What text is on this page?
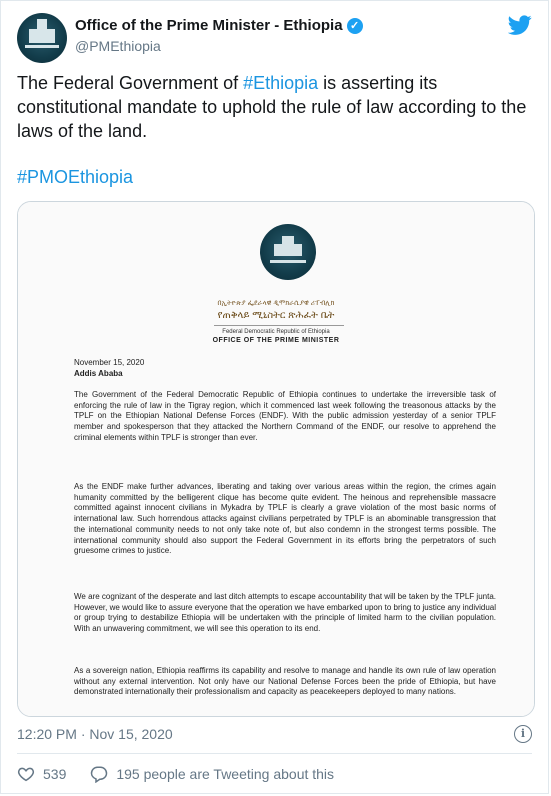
Office of the Prime Minister - Ethiopia ✓
@PMEthiopia
The Federal Government of #Ethiopia is asserting its constitutional mandate to uphold the rule of law according to the laws of the land.
#PMOEthiopia
በኢትዮጵያ ፌደራላዊ ዲሞክራሲያዊ ሪፐብሊክ
የጠቅላይ ሚኒስትር ጽሕፈት ቤት
Federal Democratic Republic of Ethiopia
OFFICE OF THE PRIME MINISTER
November 15, 2020
Addis Ababa
The Government of the Federal Democratic Republic of Ethiopia continues to undertake the irreversible task of enforcing the rule of law in the Tigray region, which it commenced last week following the treasonous attacks by the TPLF on the Ethiopian National Defense Forces (ENDF). With the public admission yesterday of a senior TPLF member and spokesperson that they attacked the Northern Command of the ENDF, our resolve to apprehend the criminal elements within TPLF is stronger than ever.
As the ENDF make further advances, liberating and taking over various areas within the region, the crimes again humanity committed by the belligerent clique has become quite evident. The heinous and reprehensible massacre committed against innocent civilians in Mykadra by TPLF is clearly a grave violation of the most basic norms of international law. Such horrendous attacks against civilians perpetrated by TPLF is an abominable transgression that the international community needs to not only take note of, but also condemn in the strongest terms possible. The international community should also support the Federal Government in its efforts bring the perpetrators of such gruesome crimes to justice.
We are cognizant of the desperate and last ditch attempts to escape accountability that will be taken by the TPLF junta. However, we would like to assure everyone that the operation we have embarked upon to bring to justice any individual or group trying to destabilize Ethiopia will be undertaken with the principle of limited harm to the civilian population. With an unwavering commitment, we will see this operation to its end.
As a sovereign nation, Ethiopia reaffirms its capability and resolve to manage and handle its own rule of law operation without any external intervention. Not only have our National Defense Forces been the pride of Ethiopia, but have demonstrated internationally their professionalism and capacity as peacekeepers deployed to many nations.
12:20 PM · Nov 15, 2020	i
539	195 people are Tweeting about this
